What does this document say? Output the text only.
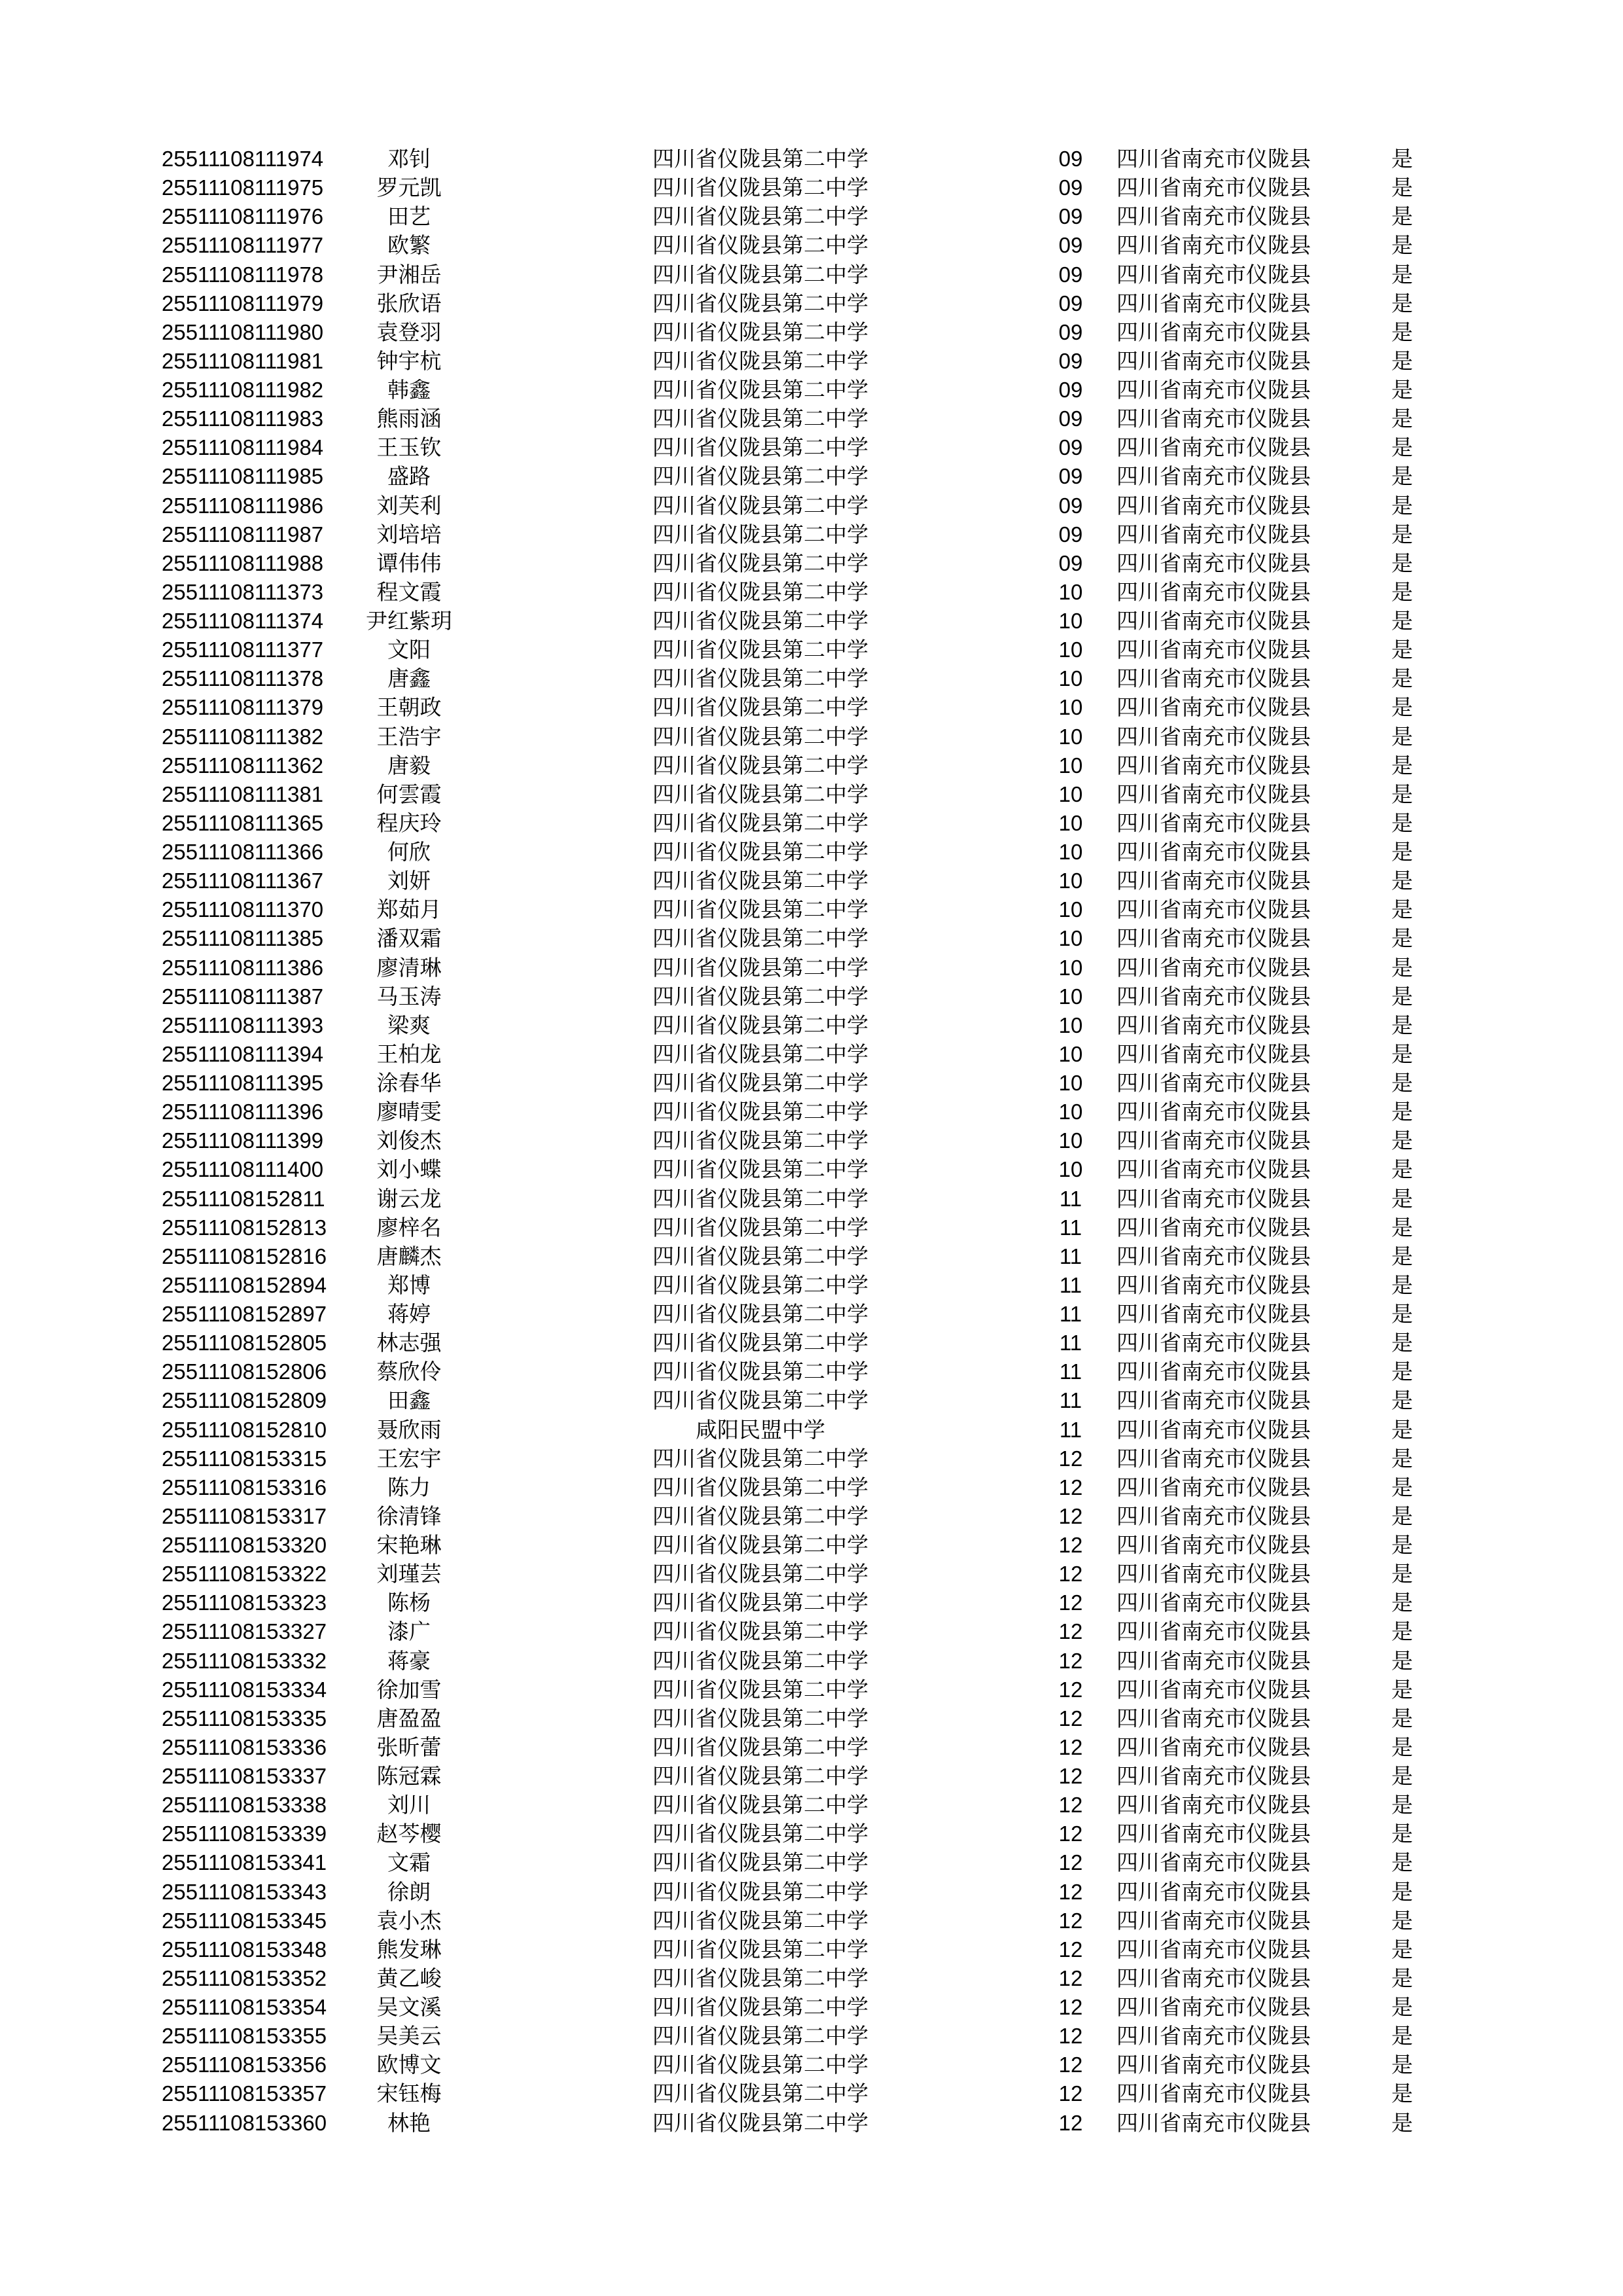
25511108111974	邓钊	四川省仪陇县第二中学	09	四川省南充市仪陇县	是
25511108111975	罗元凯	四川省仪陇县第二中学	09	四川省南充市仪陇县	是
25511108111976	田艺	四川省仪陇县第二中学	09	四川省南充市仪陇县	是
25511108111977	欧繁	四川省仪陇县第二中学	09	四川省南充市仪陇县	是
25511108111978	尹湘岳	四川省仪陇县第二中学	09	四川省南充市仪陇县	是
25511108111979	张欣语	四川省仪陇县第二中学	09	四川省南充市仪陇县	是
25511108111980	袁登羽	四川省仪陇县第二中学	09	四川省南充市仪陇县	是
25511108111981	钟宇杭	四川省仪陇县第二中学	09	四川省南充市仪陇县	是
25511108111982	韩鑫	四川省仪陇县第二中学	09	四川省南充市仪陇县	是
25511108111983	熊雨涵	四川省仪陇县第二中学	09	四川省南充市仪陇县	是
25511108111984	王玉钦	四川省仪陇县第二中学	09	四川省南充市仪陇县	是
25511108111985	盛路	四川省仪陇县第二中学	09	四川省南充市仪陇县	是
25511108111986	刘芙利	四川省仪陇县第二中学	09	四川省南充市仪陇县	是
25511108111987	刘培培	四川省仪陇县第二中学	09	四川省南充市仪陇县	是
25511108111988	谭伟伟	四川省仪陇县第二中学	09	四川省南充市仪陇县	是
25511108111373	程文霞	四川省仪陇县第二中学	10	四川省南充市仪陇县	是
25511108111374	尹红紫玥	四川省仪陇县第二中学	10	四川省南充市仪陇县	是
25511108111377	文阳	四川省仪陇县第二中学	10	四川省南充市仪陇县	是
25511108111378	唐鑫	四川省仪陇县第二中学	10	四川省南充市仪陇县	是
25511108111379	王朝政	四川省仪陇县第二中学	10	四川省南充市仪陇县	是
25511108111382	王浩宇	四川省仪陇县第二中学	10	四川省南充市仪陇县	是
25511108111362	唐毅	四川省仪陇县第二中学	10	四川省南充市仪陇县	是
25511108111381	何雲霞	四川省仪陇县第二中学	10	四川省南充市仪陇县	是
25511108111365	程庆玲	四川省仪陇县第二中学	10	四川省南充市仪陇县	是
25511108111366	何欣	四川省仪陇县第二中学	10	四川省南充市仪陇县	是
25511108111367	刘妍	四川省仪陇县第二中学	10	四川省南充市仪陇县	是
25511108111370	郑茹月	四川省仪陇县第二中学	10	四川省南充市仪陇县	是
25511108111385	潘双霜	四川省仪陇县第二中学	10	四川省南充市仪陇县	是
25511108111386	廖清琳	四川省仪陇县第二中学	10	四川省南充市仪陇县	是
25511108111387	马玉涛	四川省仪陇县第二中学	10	四川省南充市仪陇县	是
25511108111393	梁爽	四川省仪陇县第二中学	10	四川省南充市仪陇县	是
25511108111394	王柏龙	四川省仪陇县第二中学	10	四川省南充市仪陇县	是
25511108111395	涂春华	四川省仪陇县第二中学	10	四川省南充市仪陇县	是
25511108111396	廖晴雯	四川省仪陇县第二中学	10	四川省南充市仪陇县	是
25511108111399	刘俊杰	四川省仪陇县第二中学	10	四川省南充市仪陇县	是
25511108111400	刘小蝶	四川省仪陇县第二中学	10	四川省南充市仪陇县	是
25511108152811	谢云龙	四川省仪陇县第二中学	11	四川省南充市仪陇县	是
25511108152813	廖梓名	四川省仪陇县第二中学	11	四川省南充市仪陇县	是
25511108152816	唐麟杰	四川省仪陇县第二中学	11	四川省南充市仪陇县	是
25511108152894	郑博	四川省仪陇县第二中学	11	四川省南充市仪陇县	是
25511108152897	蒋婷	四川省仪陇县第二中学	11	四川省南充市仪陇县	是
25511108152805	林志强	四川省仪陇县第二中学	11	四川省南充市仪陇县	是
25511108152806	蔡欣伶	四川省仪陇县第二中学	11	四川省南充市仪陇县	是
25511108152809	田鑫	四川省仪陇县第二中学	11	四川省南充市仪陇县	是
25511108152810	聂欣雨	咸阳民盟中学	11	四川省南充市仪陇县	是
25511108153315	王宏宇	四川省仪陇县第二中学	12	四川省南充市仪陇县	是
25511108153316	陈力	四川省仪陇县第二中学	12	四川省南充市仪陇县	是
25511108153317	徐清锋	四川省仪陇县第二中学	12	四川省南充市仪陇县	是
25511108153320	宋艳琳	四川省仪陇县第二中学	12	四川省南充市仪陇县	是
25511108153322	刘瑾芸	四川省仪陇县第二中学	12	四川省南充市仪陇县	是
25511108153323	陈杨	四川省仪陇县第二中学	12	四川省南充市仪陇县	是
25511108153327	漆广	四川省仪陇县第二中学	12	四川省南充市仪陇县	是
25511108153332	蒋豪	四川省仪陇县第二中学	12	四川省南充市仪陇县	是
25511108153334	徐加雪	四川省仪陇县第二中学	12	四川省南充市仪陇县	是
25511108153335	唐盈盈	四川省仪陇县第二中学	12	四川省南充市仪陇县	是
25511108153336	张昕蕾	四川省仪陇县第二中学	12	四川省南充市仪陇县	是
25511108153337	陈冠霖	四川省仪陇县第二中学	12	四川省南充市仪陇县	是
25511108153338	刘川	四川省仪陇县第二中学	12	四川省南充市仪陇县	是
25511108153339	赵芩樱	四川省仪陇县第二中学	12	四川省南充市仪陇县	是
25511108153341	文霜	四川省仪陇县第二中学	12	四川省南充市仪陇县	是
25511108153343	徐朗	四川省仪陇县第二中学	12	四川省南充市仪陇县	是
25511108153345	袁小杰	四川省仪陇县第二中学	12	四川省南充市仪陇县	是
25511108153348	熊发琳	四川省仪陇县第二中学	12	四川省南充市仪陇县	是
25511108153352	黄乙峻	四川省仪陇县第二中学	12	四川省南充市仪陇县	是
25511108153354	吴文溪	四川省仪陇县第二中学	12	四川省南充市仪陇县	是
25511108153355	吴美云	四川省仪陇县第二中学	12	四川省南充市仪陇县	是
25511108153356	欧博文	四川省仪陇县第二中学	12	四川省南充市仪陇县	是
25511108153357	宋钰梅	四川省仪陇县第二中学	12	四川省南充市仪陇县	是
25511108153360	林艳	四川省仪陇县第二中学	12	四川省南充市仪陇县	是
